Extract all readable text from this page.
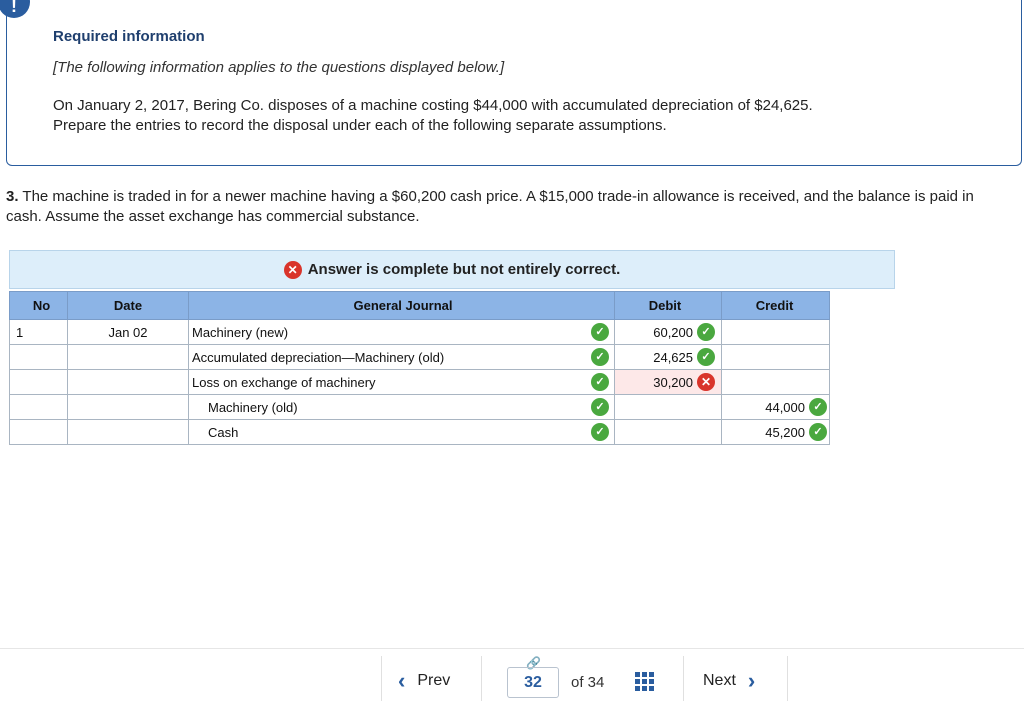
!
Required information
[The following information applies to the questions displayed below.]
On January 2, 2017, Bering Co. disposes of a machine costing $44,000 with accumulated depreciation of $24,625.
Prepare the entries to record the disposal under each of the following separate assumptions.
3. The machine is traded in for a newer machine having a $60,200 cash price. A $15,000 trade-in allowance is received, and the balance is paid in cash. Assume the asset exchange has commercial substance.
✕ Answer is complete but not entirely correct.
No	Date	General Journal	Debit	Credit
1	Jan 02	Machinery (new) ✓	60,200 ✓	

		Accumulated depreciation—Machinery (old) ✓	24,625 ✓	

		Loss on exchange of machinery ✓	30,200 ✕	

		Machinery (old) ✓		44,000 ✓

		Cash ✓		45,200 ✓
‹ Prev
🔗
32	of 34	Next ›
